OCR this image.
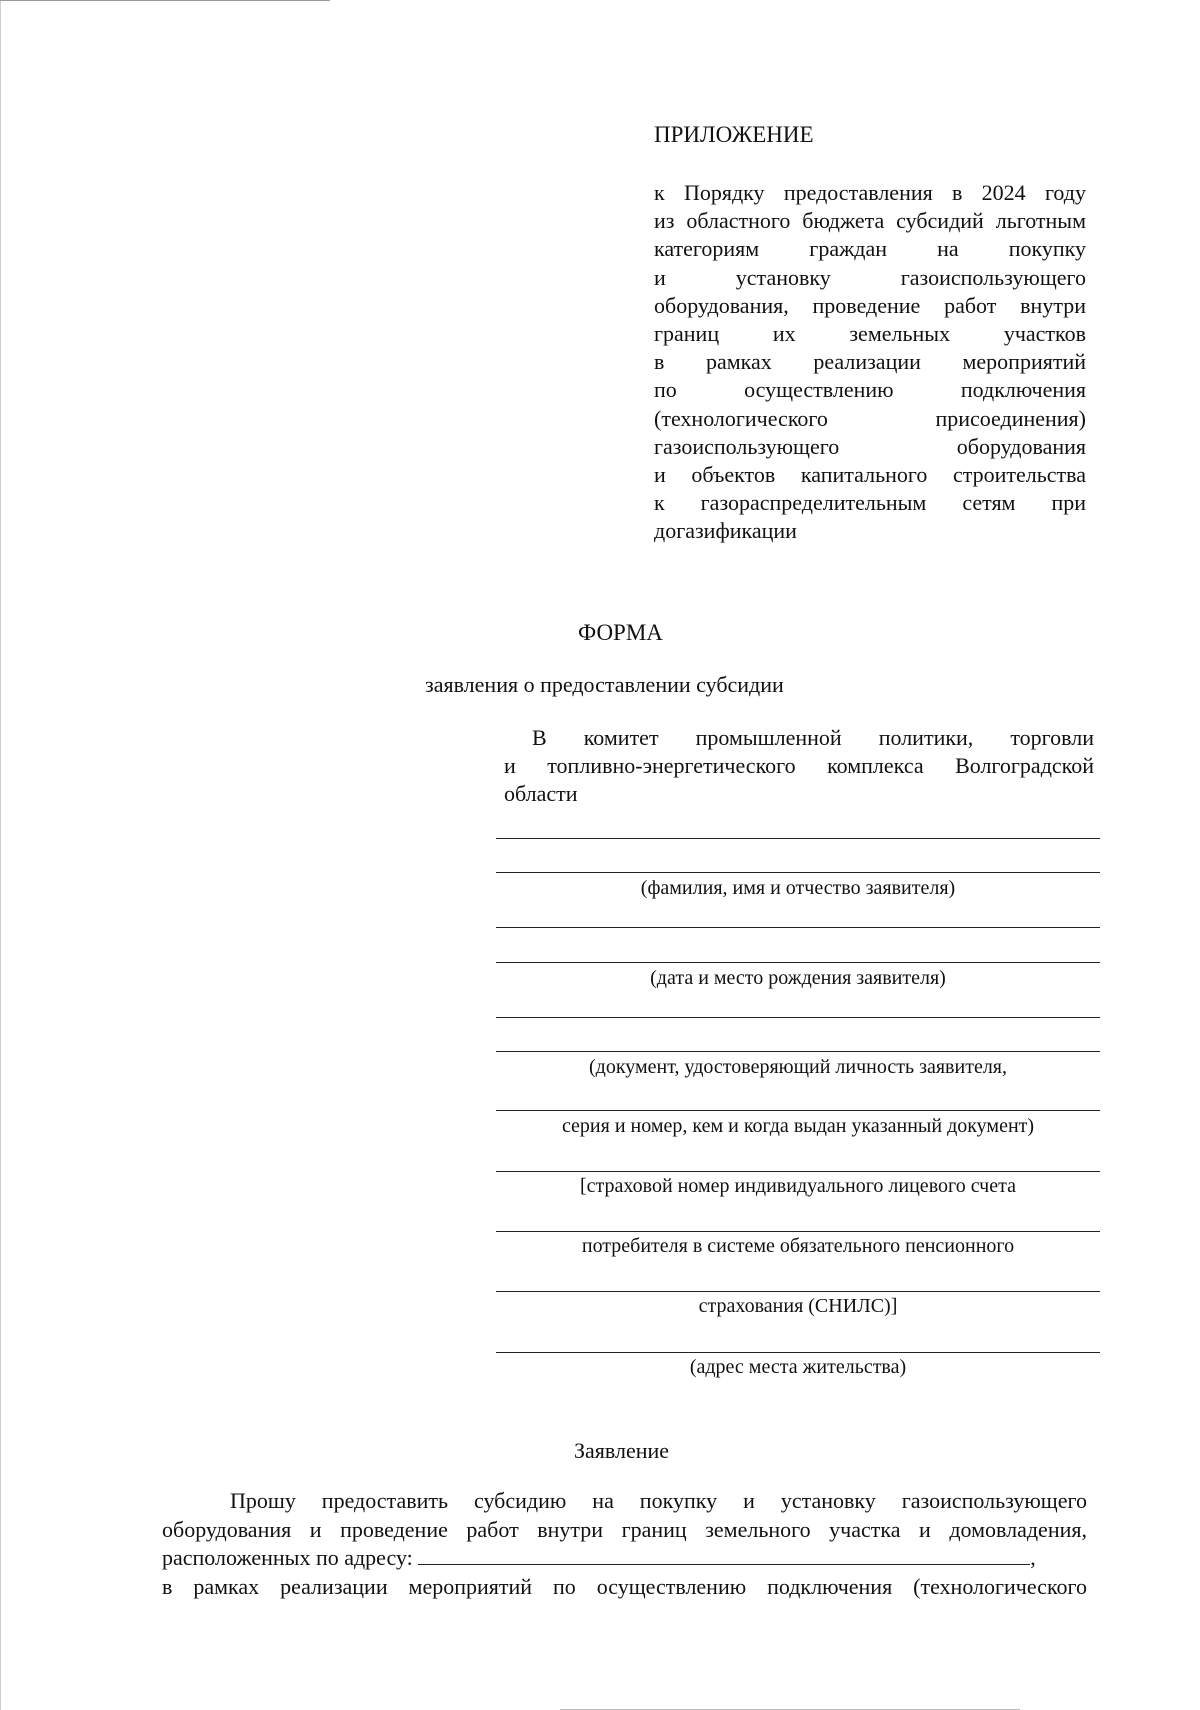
ПРИЛОЖЕНИЕ
к Порядку предоставления в 2024 году
из областного бюджета субсидий льготным
категориям граждан на покупку
и установку газоиспользующего
оборудования, проведение работ внутри
границ их земельных участков
в рамках реализации мероприятий
по осуществлению подключения
(технологического присоединения)
газоиспользующего оборудования
и объектов капитального строительства
к газораспределительным сетям при
догазификации
ФОРМА
заявления о предоставлении субсидии
В комитет промышленной политики, торговли
и топливно-энергетического комплекса Волгоградской
области
(фамилия, имя и отчество заявителя)
(дата и место рождения заявителя)
(документ, удостоверяющий личность заявителя,
серия и номер, кем и когда выдан указанный документ)
[страховой номер индивидуального лицевого счета
потребителя в системе обязательного пенсионного
страхования (СНИЛС)]
(адрес места жительства)
Заявление
Прошу предоставить субсидию на покупку и установку газоиспользующего
оборудования и проведение работ внутри границ земельного участка и домовладения,
расположенных по адресу:	,
в рамках реализации мероприятий по осуществлению подключения (технологического
